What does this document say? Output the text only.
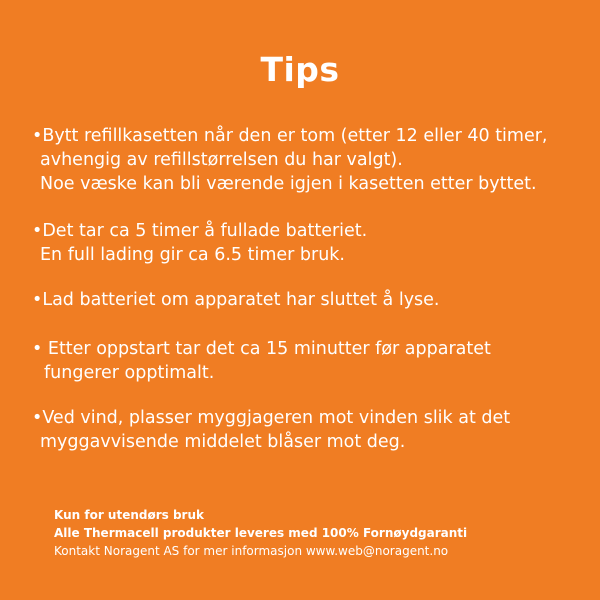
Tips
•Bytt refillkasetten når den er tom (etter 12 eller 40 timer,
avhengig av refillstørrelsen du har valgt).
Noe væske kan bli værende igjen i kasetten etter byttet.
•Det tar ca 5 timer å fullade batteriet.
En full lading gir ca 6.5 timer bruk.
•Lad batteriet om apparatet har sluttet å lyse.
• Etter oppstart tar det ca 15 minutter før apparatet
fungerer opptimalt.
•Ved vind, plasser myggjageren mot vinden slik at det
myggavvisende middelet blåser mot deg.
Kun for utendørs bruk
Alle Thermacell produkter leveres med 100% Fornøydgaranti
Kontakt Noragent AS for mer informasjon www.web@noragent.no
